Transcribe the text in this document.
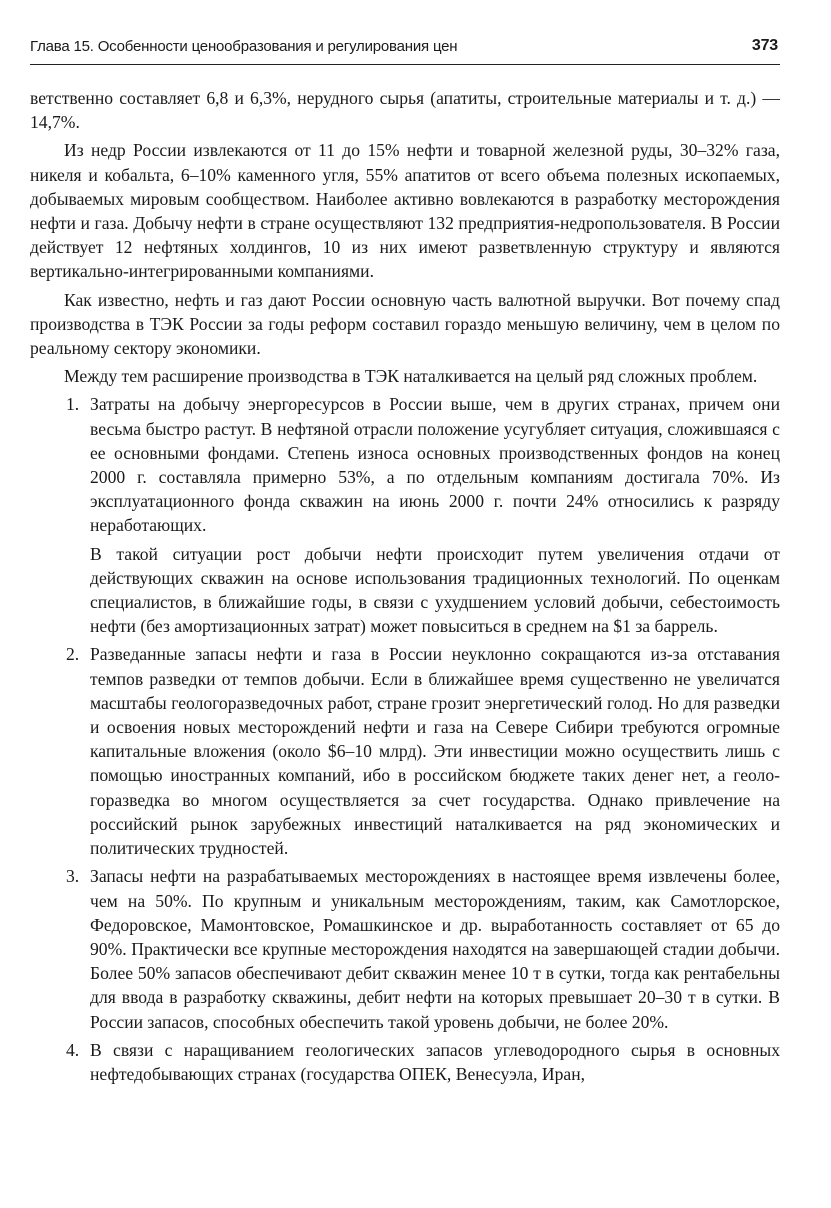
Глава 15. Особенности ценообразования и регулирования цен	373

ветственно составляет 6,8 и 6,3%, нерудного сырья (апатиты, строительные материалы и т. д.) — 14,7%.

Из недр России извлекаются от 11 до 15% нефти и товарной железной руды, 30–32% газа, никеля и кобальта, 6–10% каменного угля, 55% апатитов от всего объема полезных ископаемых, добываемых мировым сообществом. Наиболее активно вовлекаются в разработку месторождения нефти и газа. Добычу нефти в стране осуществляют 132 предприятия-недропользователя. В России действует 12 нефтяных холдингов, 10 из них имеют разветвленную структуру и являются вертикально-интегрированными компаниями.

Как известно, нефть и газ дают России основную часть валютной выручки. Вот почему спад производства в ТЭК России за годы реформ составил гораздо меньшую величину, чем в целом по реальному сектору экономики.

Между тем расширение производства в ТЭК наталкивается на целый ряд сложных проблем.

1. Затраты на добычу энергоресурсов в России выше, чем в других странах, причем они весьма быстро растут. В нефтяной отрасли положение усугубляет ситуация, сложившаяся с ее основными фондами. Степень износа основных производственных фондов на конец 2000 г. составляла примерно 53%, а по отдельным компаниям достигала 70%. Из эксплуатационного фонда скважин на июнь 2000 г. почти 24% относились к разряду неработающих.

В такой ситуации рост добычи нефти происходит путем увеличения отдачи от действующих скважин на основе использования традиционных технологий. По оценкам специалистов, в ближайшие годы, в связи с ухудшением условий добычи, себестоимость нефти (без амортизационных затрат) может повыситься в среднем на $1 за баррель.

2. Разведанные запасы нефти и газа в России неуклонно сокращаются из-за отставания темпов разведки от темпов добычи. Если в ближайшее время существенно не увеличатся масштабы геологоразведочных работ, стране грозит энергетический голод. Но для разведки и освоения новых месторождений нефти и газа на Севере Сибири требуются огромные капитальные вложения (около $6–10 млрд). Эти инвестиции можно осуществить лишь с помощью иностранных компаний, ибо в российском бюджете таких денег нет, а геологоразведка во многом осуществляется за счет государства. Однако привлечение на российский рынок зарубежных инвестиций наталкивается на ряд экономических и политических трудностей.

3. Запасы нефти на разрабатываемых месторождениях в настоящее время извлечены более, чем на 50%. По крупным и уникальным месторождениям, таким, как Самотлорское, Федоровское, Мамонтовское, Ромашкинское и др. выработанность составляет от 65 до 90%. Практически все крупные месторождения находятся на завершающей стадии добычи. Более 50% запасов обеспечивают дебит скважин менее 10 т в сутки, тогда как рентабельны для ввода в разработку скважины, дебит нефти на которых превышает 20–30 т в сутки. В России запасов, способных обеспечить такой уровень добычи, не более 20%.

4. В связи с наращиванием геологических запасов углеводородного сырья в основных нефтедобывающих странах (государства ОПЕК, Венесуэла, Иран,
